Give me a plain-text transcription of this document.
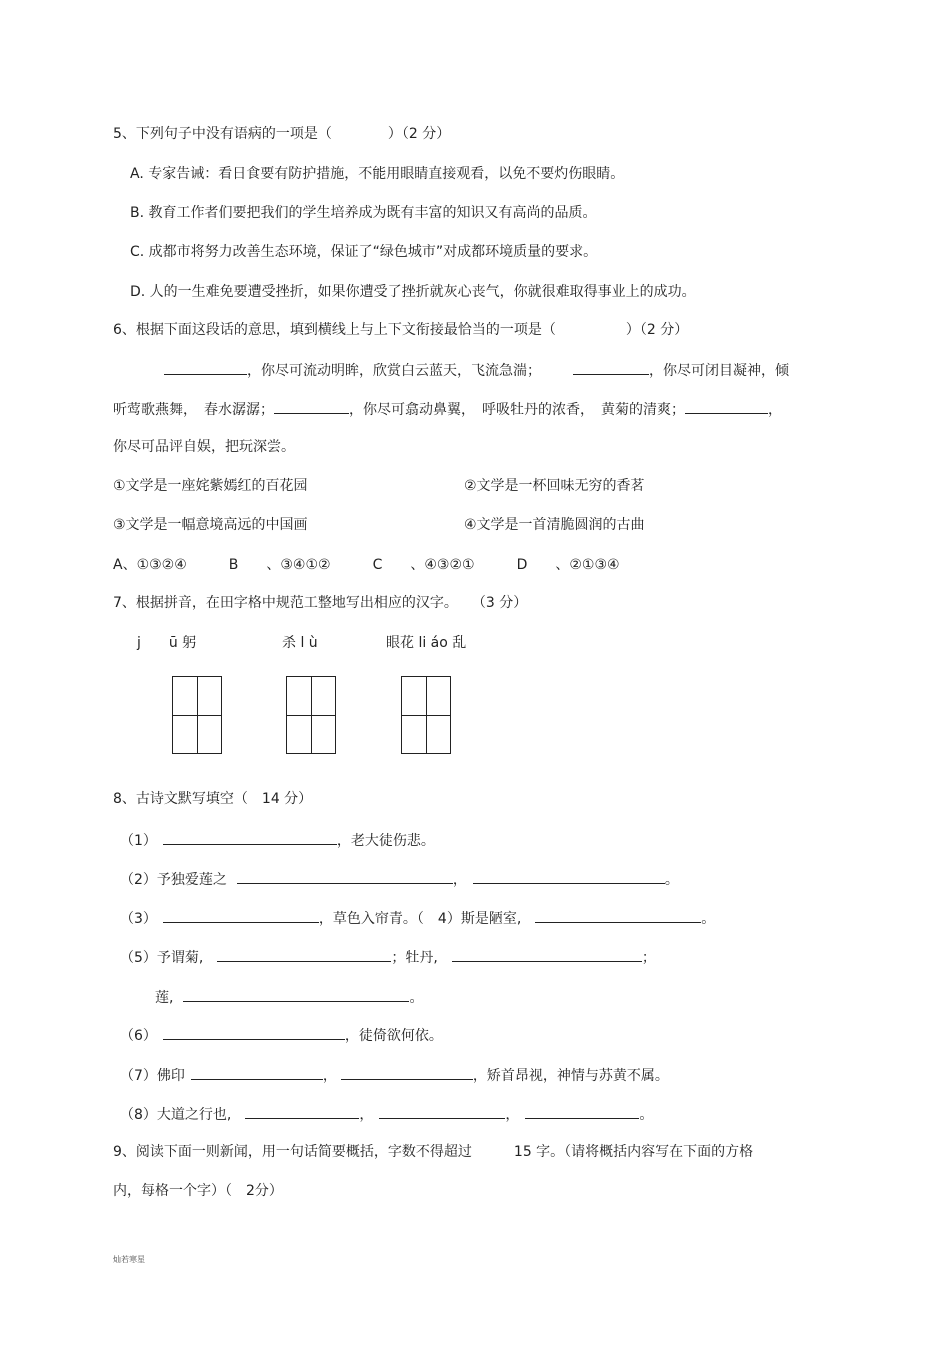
5、下列句子中没有语病的一项是（　　　　）（2 分）
A. 专家告诫：看日食要有防护措施，不能用眼睛直接观看，以免不要灼伤眼睛。
B. 教育工作者们要把我们的学生培养成为既有丰富的知识又有高尚的品质。
C. 成都市将努力改善生态环境，保证了“绿色城市”对成都环境质量的要求。
D. 人的一生难免要遭受挫折，如果你遭受了挫折就灰心丧气，你就很难取得事业上的成功。
6、根据下面这段话的意思，填到横线上与上下文衔接最恰当的一项是（　　　　　）（2 分）
，你尽可流动明眸，欣赏白云蓝天，飞流急湍；	，你尽可闭目凝神，倾
听莺歌燕舞，　春水潺潺；	，你尽可翕动鼻翼，　呼吸牡丹的浓香，　黄菊的清爽；	，
你尽可品评自娱，把玩深尝。
①文学是一座姹紫嫣红的百花园	②文学是一杯回味无穷的香茗
③文学是一幅意境高远的中国画	④文学是一首清脆圆润的古曲
A、①③②④　　　B　　、③④①②　　　C　　、④③②①　　　D　　、②①③④
7、根据拼音，在田字格中规范工整地写出相应的汉字。　　（3 分）
j　　ū 躬	杀 l ù	眼花 li áo 乱
8、古诗文默写填空（　14 分）
（1）	，老大徒伤悲。
（2）予独爱莲之	，	。
（3）	，草色入帘青。（　4）斯是陋室,	。
（5）予谓菊,	；牡丹,	；
莲,	。
（6）	，徒倚欲何依。
（7）佛印	，	，矫首昂视，神情与苏黄不属。
（8）大道之行也,	，	，	。
9、阅读下面一则新闻，用一句话简要概括，字数不得超过　　　15 字。（请将概括内容写在下面的方格
内，每格一个字）（　2分）
灿若寒星
